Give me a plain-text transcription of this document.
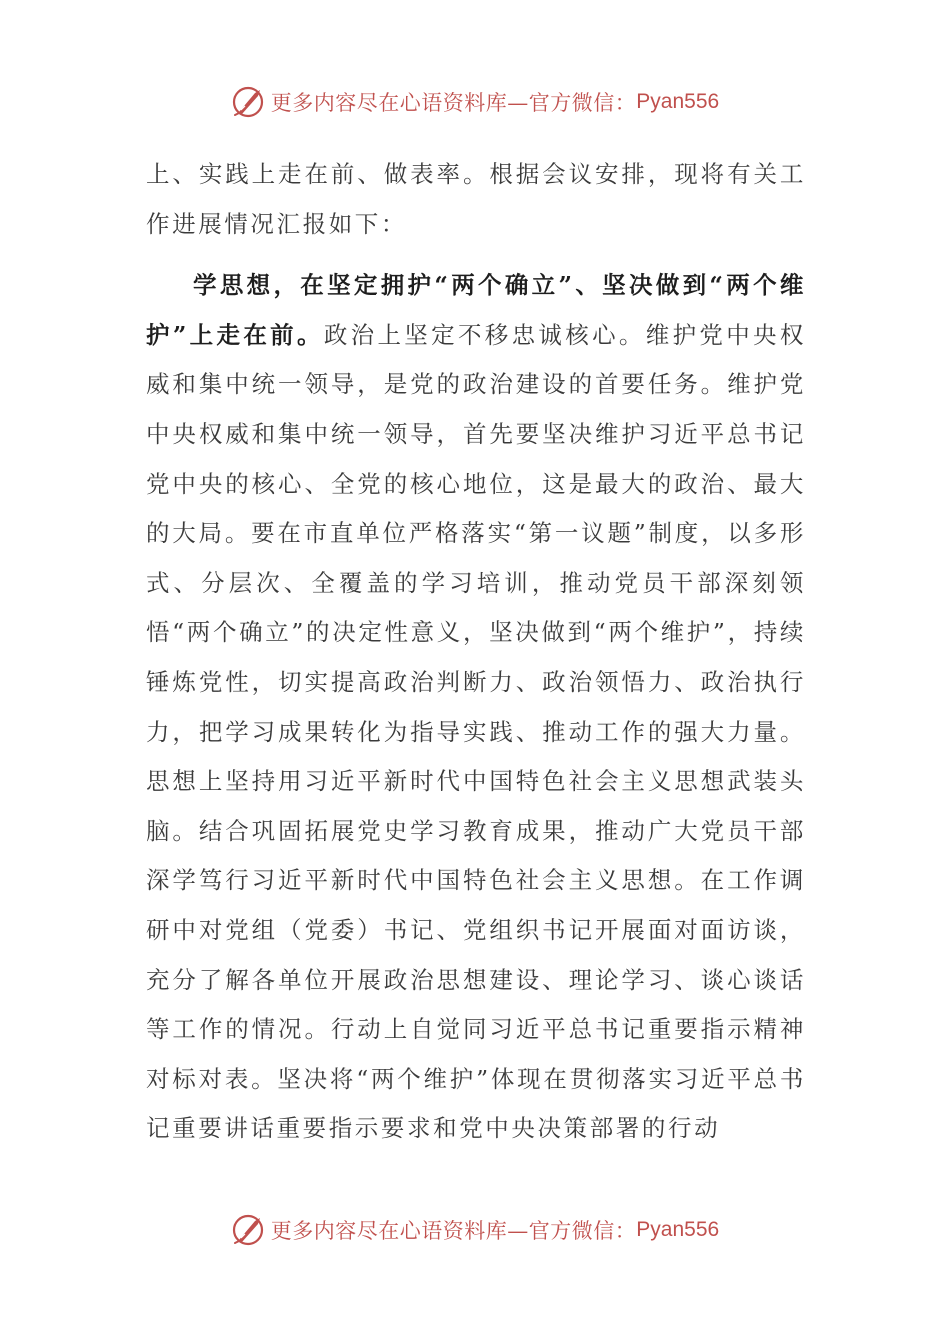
更多内容尽在心语资料库—官方微信： Pyan556

上、实践上走在前、做表率。根据会议安排，现将有关工作进展情况汇报如下：

学思想，在坚定拥护“两个确立”、坚决做到“两个维护”上走在前。政治上坚定不移忠诚核心。维护党中央权威和集中统一领导，是党的政治建设的首要任务。维护党中央权威和集中统一领导，首先要坚决维护习近平总书记党中央的核心、全党的核心地位，这是最大的政治、最大的大局。要在市直单位严格落实“第一议题”制度，以多形式、分层次、全覆盖的学习培训，推动党员干部深刻领悟“两个确立”的决定性意义，坚决做到“两个维护”，持续锤炼党性，切实提高政治判断力、政治领悟力、政治执行力，把学习成果转化为指导实践、推动工作的强大力量。思想上坚持用习近平新时代中国特色社会主义思想武装头脑。结合巩固拓展党史学习教育成果，推动广大党员干部深学笃行习近平新时代中国特色社会主义思想。在工作调研中对党组（党委）书记、党组织书记开展面对面访谈，充分了解各单位开展政治思想建设、理论学习、谈心谈话等工作的情况。行动上自觉同习近平总书记重要指示精神对标对表。坚决将“两个维护”体现在贯彻落实习近平总书记重要讲话重要指示要求和党中央决策部署的行动

更多内容尽在心语资料库—官方微信： Pyan556
